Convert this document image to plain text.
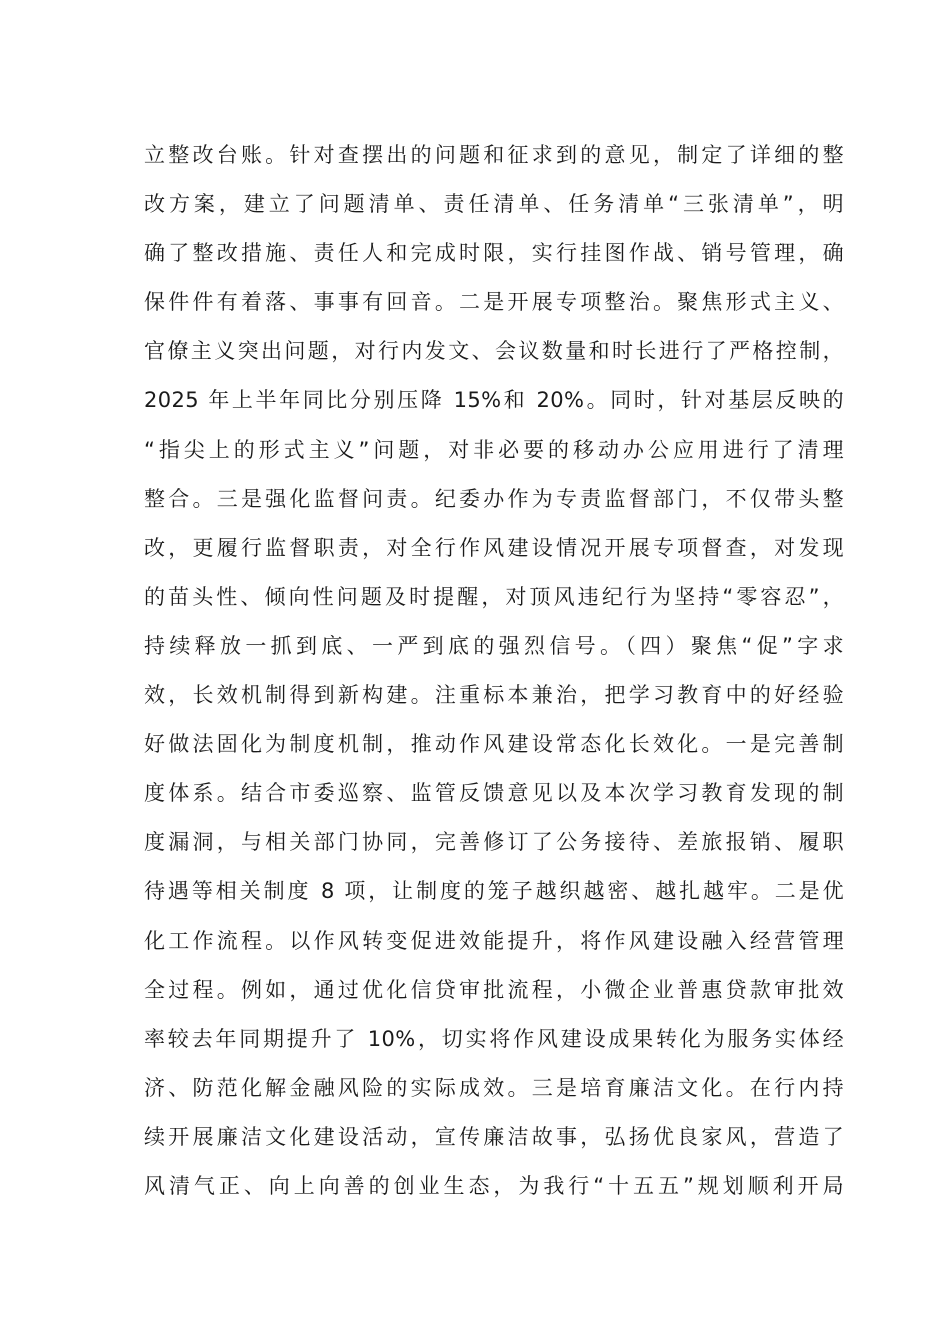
立整改台账。针对查摆出的问题和征求到的意见，制定了详细的整
改方案，建立了问题清单、责任清单、任务清单“三张清单”，明
确了整改措施、责任人和完成时限，实行挂图作战、销号管理，确
保件件有着落、事事有回音。二是开展专项整治。聚焦形式主义、
官僚主义突出问题，对行内发文、会议数量和时长进行了严格控制，
2025 年上半年同比分别压降 15%和 20%。同时，针对基层反映的
“指尖上的形式主义”问题，对非必要的移动办公应用进行了清理
整合。三是强化监督问责。纪委办作为专责监督部门，不仅带头整
改，更履行监督职责，对全行作风建设情况开展专项督查，对发现
的苗头性、倾向性问题及时提醒，对顶风违纪行为坚持“零容忍”，
持续释放一抓到底、一严到底的强烈信号。（四）聚焦“促”字求
效，长效机制得到新构建。注重标本兼治，把学习教育中的好经验
好做法固化为制度机制，推动作风建设常态化长效化。一是完善制
度体系。结合市委巡察、监管反馈意见以及本次学习教育发现的制
度漏洞，与相关部门协同，完善修订了公务接待、差旅报销、履职
待遇等相关制度 8 项，让制度的笼子越织越密、越扎越牢。二是优
化工作流程。以作风转变促进效能提升，将作风建设融入经营管理
全过程。例如，通过优化信贷审批流程，小微企业普惠贷款审批效
率较去年同期提升了 10%，切实将作风建设成果转化为服务实体经
济、防范化解金融风险的实际成效。三是培育廉洁文化。在行内持
续开展廉洁文化建设活动，宣传廉洁故事，弘扬优良家风，营造了
风清气正、向上向善的创业生态，为我行“十五五”规划顺利开局
